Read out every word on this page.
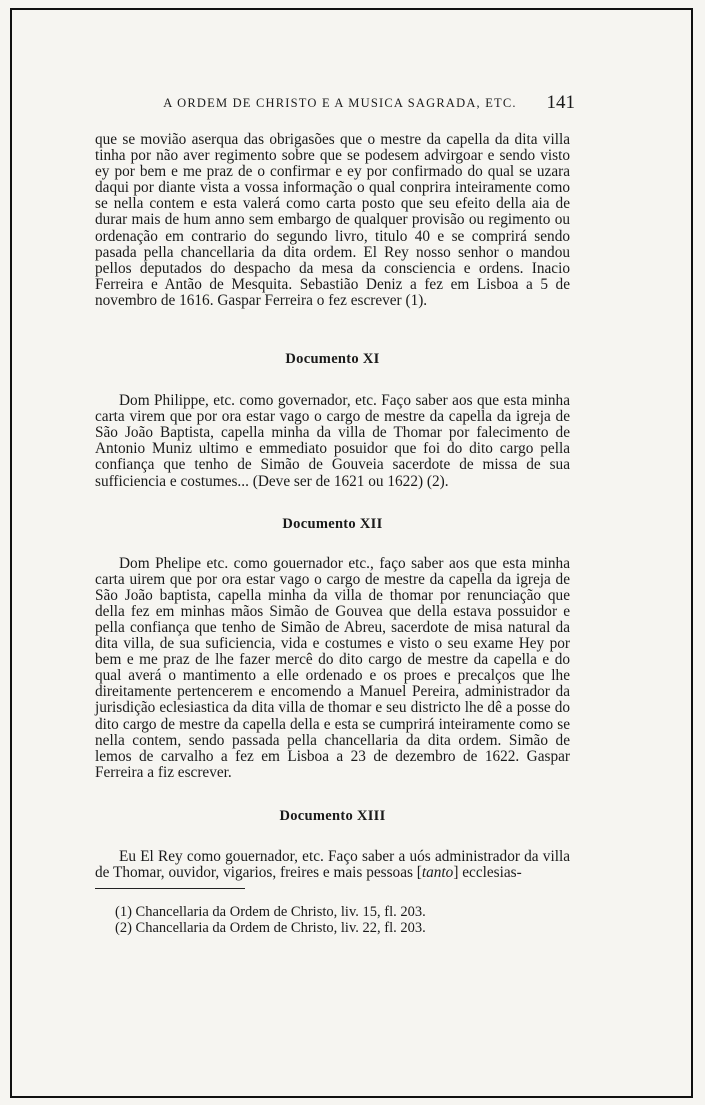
A ORDEM DE CHRISTO E A MUSICA SAGRADA, ETC.	141

que se movião aserqua das obrigasões que o mestre da capella da dita villa tinha por não aver regimento sobre que se podesem advirgoar e sendo visto ey por bem e me praz de o confirmar e ey por confirmado do qual se uzara daqui por diante vista a vossa informação o qual conprira inteiramente como se nella contem e esta valerá como carta posto que seu efeito della aia de durar mais de hum anno sem embargo de qualquer provisão ou regimento ou ordenação em contrario do segundo livro, titulo 40 e se comprirá sendo pasada pella chancellaria da dita ordem. El Rey nosso senhor o mandou pellos deputados do despacho da mesa da consciencia e ordens. Inacio Ferreira e Antão de Mesquita. Sebastião Deniz a fez em Lisboa a 5 de novembro de 1616. Gaspar Ferreira o fez escrever (1).

Documento XI

Dom Philippe, etc. como governador, etc. Faço saber aos que esta minha carta virem que por ora estar vago o cargo de mestre da capella da igreja de São João Baptista, capella minha da villa de Thomar por falecimento de Antonio Muniz ultimo e emmediato posuidor que foi do dito cargo pella confiança que tenho de Simão de Gouveia sacerdote de missa de sua sufficiencia e costumes... (Deve ser de 1621 ou 1622) (2).

Documento XII

Dom Phelipe etc. como gouernador etc., faço saber aos que esta minha carta uirem que por ora estar vago o cargo de mestre da capella da igreja de São João baptista, capella minha da villa de thomar por renunciação que della fez em minhas mãos Simão de Gouvea que della estava possuidor e pella confiança que tenho de Simão de Abreu, sacerdote de misa natural da dita villa, de sua suficiencia, vida e costumes e visto o seu exame Hey por bem e me praz de lhe fazer mercê do dito cargo de mestre da capella e do qual averá o mantimento a elle ordenado e os proes e precalços que lhe direitamente pertencerem e encomendo a Manuel Pereira, administrador da jurisdição eclesiastica da dita villa de thomar e seu districto lhe dê a posse do dito cargo de mestre da capella della e esta se cumprirá inteiramente como se nella contem, sendo passada pella chancellaria da dita ordem. Simão de lemos de carvalho a fez em Lisboa a 23 de dezembro de 1622. Gaspar Ferreira a fiz escrever.

Documento XIII

Eu El Rey como gouernador, etc. Faço saber a uós administrador da villa de Thomar, ouvidor, vigarios, freires e mais pessoas [tanto] ecclesias-

(1) Chancellaria da Ordem de Christo, liv. 15, fl. 203.
(2) Chancellaria da Ordem de Christo, liv. 22, fl. 203.
